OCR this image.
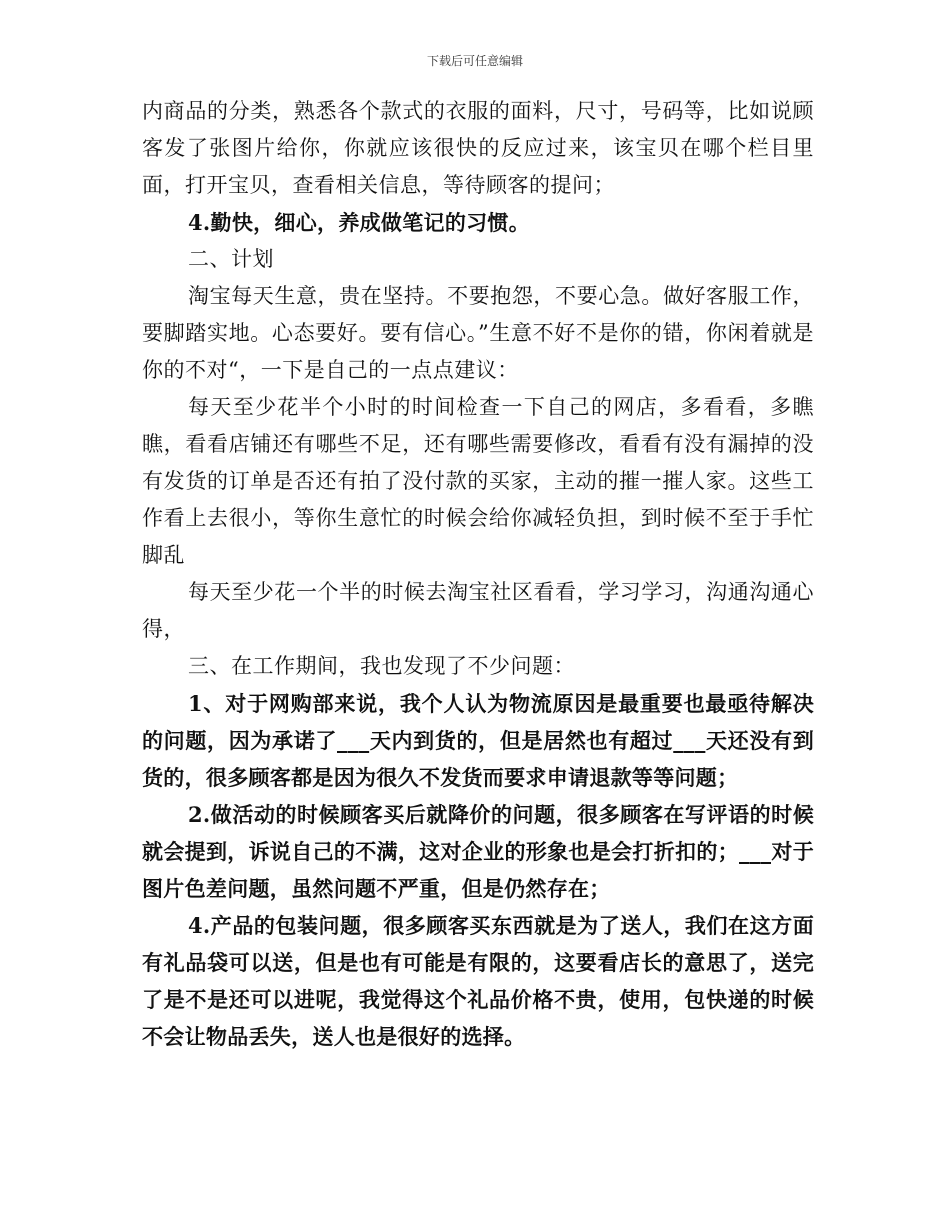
下载后可任意编辑

内商品的分类，熟悉各个款式的衣服的面料，尺寸，号码等，比如说顾客发了张图片给你，你就应该很快的反应过来，该宝贝在哪个栏目里面，打开宝贝，查看相关信息，等待顾客的提问；

4.勤快，细心，养成做笔记的习惯。

二、计划

淘宝每天生意，贵在坚持。不要抱怨，不要心急。做好客服工作，要脚踏实地。心态要好。要有信心。”生意不好不是你的错，你闲着就是你的不对“，一下是自己的一点点建议：

每天至少花半个小时的时间检查一下自己的网店，多看看，多瞧瞧，看看店铺还有哪些不足，还有哪些需要修改，看看有没有漏掉的没有发货的订单是否还有拍了没付款的买家，主动的摧一摧人家。这些工作看上去很小，等你生意忙的时候会给你减轻负担，到时候不至于手忙脚乱

每天至少花一个半的时候去淘宝社区看看，学习学习，沟通沟通心得，

三、在工作期间，我也发现了不少问题：

1、对于网购部来说，我个人认为物流原因是最重要也最亟待解决的问题，因为承诺了___天内到货的，但是居然也有超过___天还没有到货的，很多顾客都是因为很久不发货而要求申请退款等等问题；

2.做活动的时候顾客买后就降价的问题，很多顾客在写评语的时候就会提到，诉说自己的不满，这对企业的形象也是会打折扣的；___对于图片色差问题，虽然问题不严重，但是仍然存在；

4.产品的包装问题，很多顾客买东西就是为了送人，我们在这方面有礼品袋可以送，但是也有可能是有限的，这要看店长的意思了，送完了是不是还可以进呢，我觉得这个礼品价格不贵，使用，包快递的时候不会让物品丢失，送人也是很好的选择。
